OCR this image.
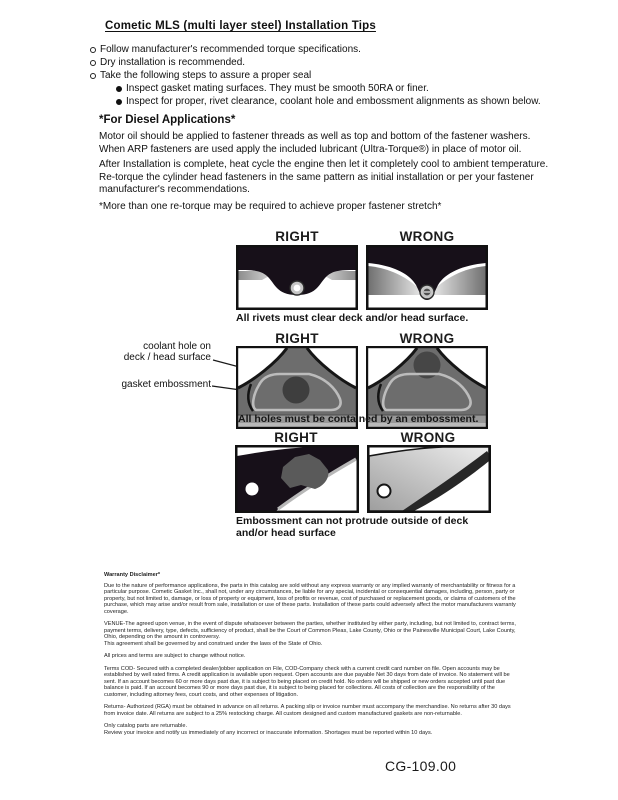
Cometic MLS (multi layer steel) Installation Tips
Follow manufacturer's recommended torque specifications.
Dry installation is recommended.
Take the following steps to assure a proper seal
Inspect gasket mating surfaces. They must be smooth 50RA or finer.
Inspect for proper, rivet clearance, coolant hole and embossment alignments as shown below.
*For Diesel Applications*
Motor oil should be applied to fastener threads as well as top and bottom of the fastener washers. When ARP fasteners are used apply the included lubricant (Ultra-Torque®) in place of motor oil.
After Installation is complete, heat cycle the engine then let it completely cool to ambient temperature. Re-torque the cylinder head fasteners in the same pattern as initial installation or per your fastener manufacturer's recommendations.
*More than one re-torque may be required to achieve proper fastener stretch*
RIGHT	WRONG
All rivets must clear deck and/or head surface.
RIGHT	WRONG
coolant hole on
deck / head surface
gasket embossment
All holes must be contained by an embossment.
RIGHT	WRONG
Embossment can not protrude outside of deck
and/or head surface
Warranty Disclaimer*
Due to the nature of performance applications, the parts in this catalog are sold without any express warranty or any implied warranty of merchantability or fitness for a particular purpose. Cometic Gasket Inc., shall not, under any circumstances, be liable for any special, incidental or consequential damages, including, person, party or property, but not limited to, damage, or loss of property or equipment, loss of profits or revenue, cost of purchased or replacement goods, or claims of customers of the purchase, which may arise and/or result from sale, installation or use of these parts. Installation of these parts could adversely affect the motor manufacturers warranty coverage.
VENUE-The agreed upon venue, in the event of dispute whatsoever between the parties, whether instituted by either party, including, but not limited to, contract terms, payment terms, delivery, type, defects, sufficiency of product, shall be the Court of Common Pleas, Lake County, Ohio or the Painesville Municipal Court, Lake County, Ohio, depending on the amount in controversy.
This agreement shall be governed by and construed under the laws of the State of Ohio.
All prices and terms are subject to change without notice.
Terms COD- Secured with a completed dealer/jobber application on File, COD-Company check with a current credit card number on file. Open accounts may be established by well rated firms. A credit application is available upon request. Open accounts are due payable Net 30 days from date of invoice. No statement will be sent. If an account becomes 60 or more days past due, it is subject to being placed on credit hold. No orders will be shipped or new orders accepted until past due balance is paid. If an account becomes 90 or more days past due, it is subject to being placed for collections. All costs of collection are the responsibility of the customer, including attorney fees, court costs, and other expenses of litigation.
Returns- Authorized (RGA) must be obtained in advance on all returns. A packing slip or invoice number must accompany the merchandise. No returns after 30 days from invoice date. All returns are subject to a 25% restocking charge. All custom designed and custom manufactured gaskets are non-returnable.
Only catalog parts are returnable.
Review your invoice and notify us immediately of any incorrect or inaccurate information. Shortages must be reported within 10 days.
CG-109.00
